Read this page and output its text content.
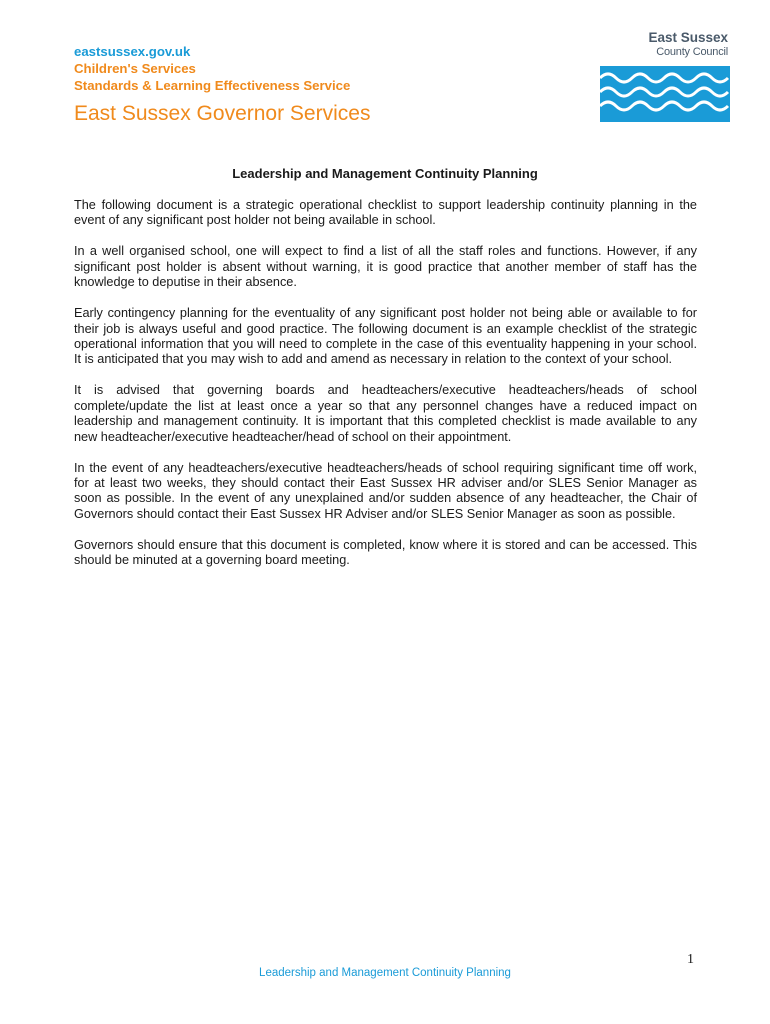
eastsussex.gov.uk
Children's Services
Standards & Learning Effectiveness Service
East Sussex Governor Services
East Sussex
County Council
Leadership and Management Continuity Planning

The following document is a strategic operational checklist to support leadership continuity planning in the event of any significant post holder not being available in school.

In a well organised school, one will expect to find a list of all the staff roles and functions. However, if any significant post holder is absent without warning, it is good practice that another member of staff has the knowledge to deputise in their absence.

Early contingency planning for the eventuality of any significant post holder not being able or available to for their job is always useful and good practice. The following document is an example checklist of the strategic operational information that you will need to complete in the case of this eventuality happening in your school. It is anticipated that you may wish to add and amend as necessary in relation to the context of your school.

It is advised that governing boards and headteachers/executive headteachers/heads of school complete/update the list at least once a year so that any personnel changes have a reduced impact on leadership and management continuity. It is important that this completed checklist is made available to any new headteacher/executive headteacher/head of school on their appointment.

In the event of any headteachers/executive headteachers/heads of school requiring significant time off work, for at least two weeks, they should contact their East Sussex HR adviser and/or SLES Senior Manager as soon as possible. In the event of any unexplained and/or sudden absence of any headteacher, the Chair of Governors should contact their East Sussex HR Adviser and/or SLES Senior Manager as soon as possible.

Governors should ensure that this document is completed, know where it is stored and can be accessed. This should be minuted at a governing board meeting.

1
Leadership and Management Continuity Planning
